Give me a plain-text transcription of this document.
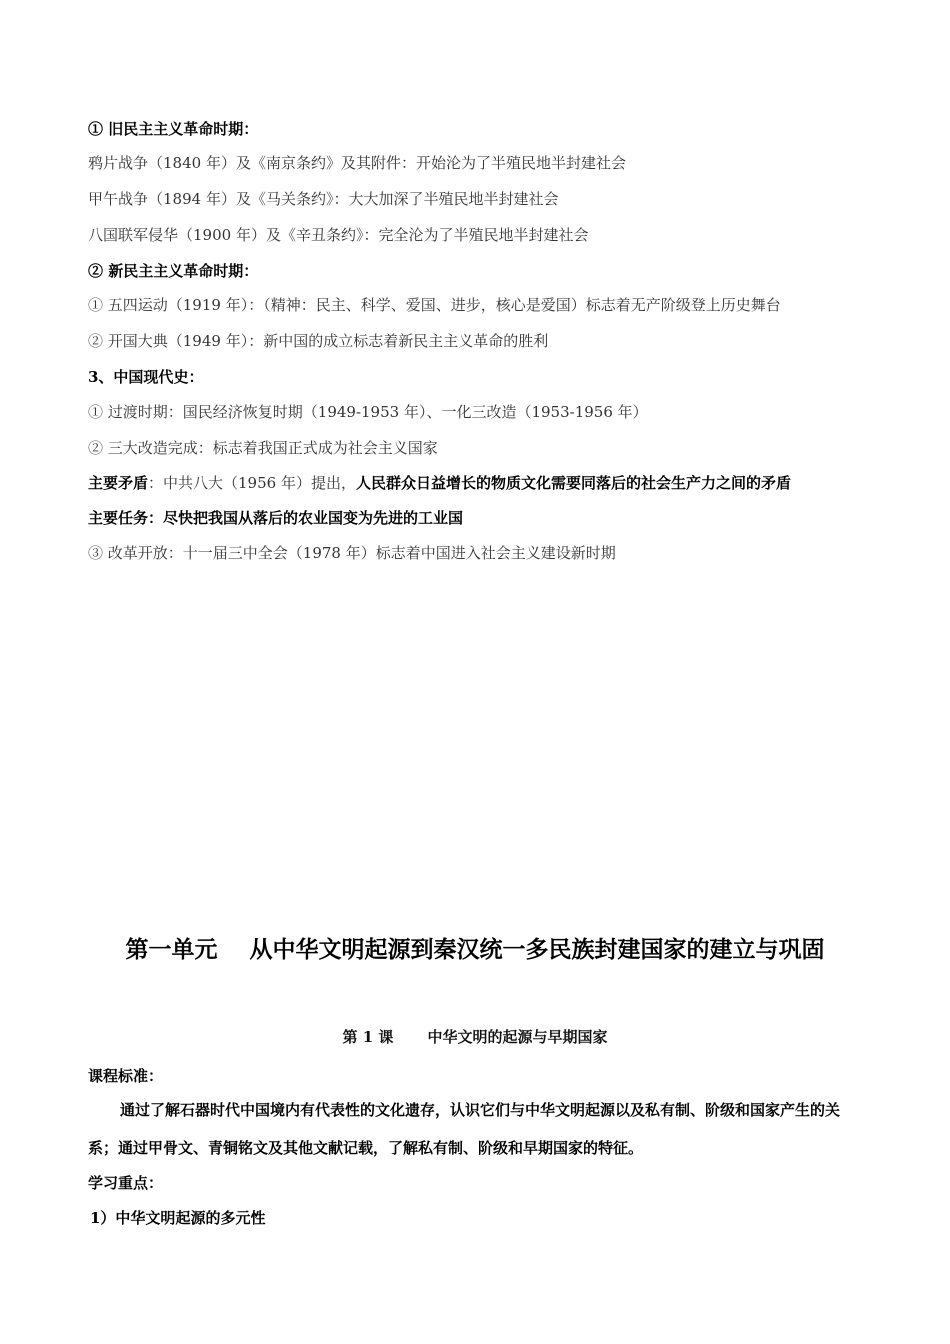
① 旧民主主义革命时期：
鸦片战争（1840 年）及《南京条约》及其附件：开始沦为了半殖民地半封建社会
甲午战争（1894 年）及《马关条约》：大大加深了半殖民地半封建社会
八国联军侵华（1900 年）及《辛丑条约》：完全沦为了半殖民地半封建社会
② 新民主主义革命时期：
① 五四运动（1919 年）：（精神：民主、科学、爱国、进步，核心是爱国）标志着无产阶级登上历史舞台
② 开国大典（1949 年）：新中国的成立标志着新民主主义革命的胜利
3、中国现代史：
① 过渡时期：国民经济恢复时期（1949-1953 年）、一化三改造（1953-1956 年）
② 三大改造完成：标志着我国正式成为社会主义国家
主要矛盾：中共八大（1956 年）提出，人民群众日益增长的物质文化需要同落后的社会生产力之间的矛盾
主要任务：尽快把我国从落后的农业国变为先进的工业国
③ 改革开放：十一届三中全会（1978 年）标志着中国进入社会主义建设新时期
第一单元    从中华文明起源到秦汉统一多民族封建国家的建立与巩固
第 1 课 中华文明的起源与早期国家
课程标准：
通过了解石器时代中国境内有代表性的文化遗存，认识它们与中华文明起源以及私有制、阶级和国家产生的关系；通过甲骨文、青铜铭文及其他文献记载，了解私有制、阶级和早期国家的特征。
学习重点：
1）中华文明起源的多元性
